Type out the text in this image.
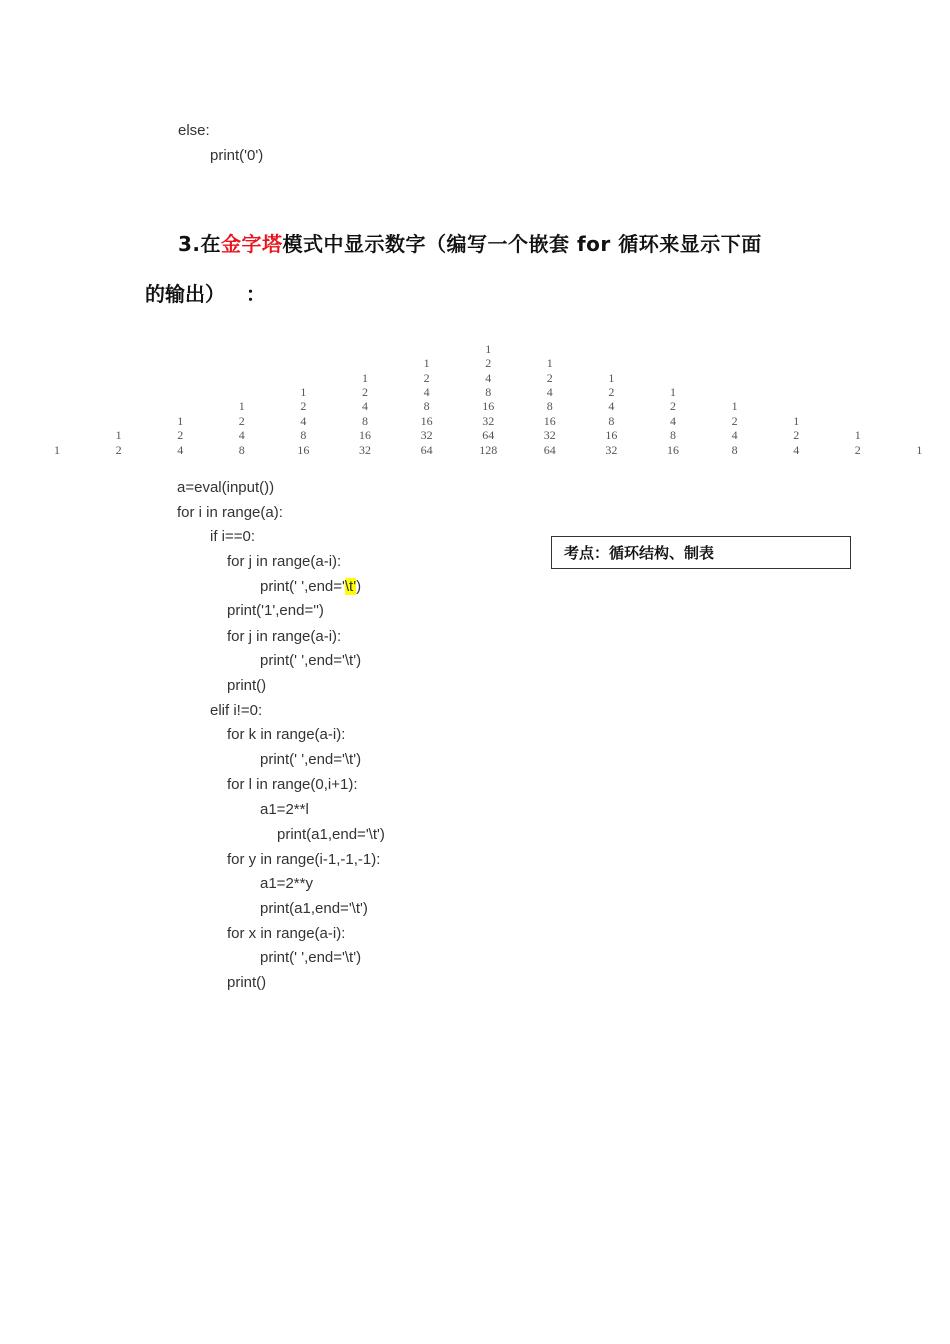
else:
print('0')
3.在金字塔模式中显示数字（编写一个嵌套 for 循环来显示下面
的输出）   ：
1
1
2
1
2
4
1
2
4
8
1
2
4
8
16
1
2
4
8
16
32
1
2
4
8
16
32
64
1
2
4
8
16
32
64
128
1
2
4
8
16
32
64
1
2
4
8
16
32
1
2
4
8
16
1
2
4
8
1
2
4
1
2	1
a=eval(input())
for i in range(a):
if i==0:
for j in range(a-i):
print(' ',end='\t')
print('1',end='')
for j in range(a-i):
print(' ',end='\t')
print()
elif i!=0:
for k in range(a-i):
print(' ',end='\t')
for l in range(0,i+1):
a1=2**l
print(a1,end='\t')
for y in range(i-1,-1,-1):
a1=2**y
print(a1,end='\t')
for x in range(a-i):
print(' ',end='\t')
print()
考点：循环结构、制表
